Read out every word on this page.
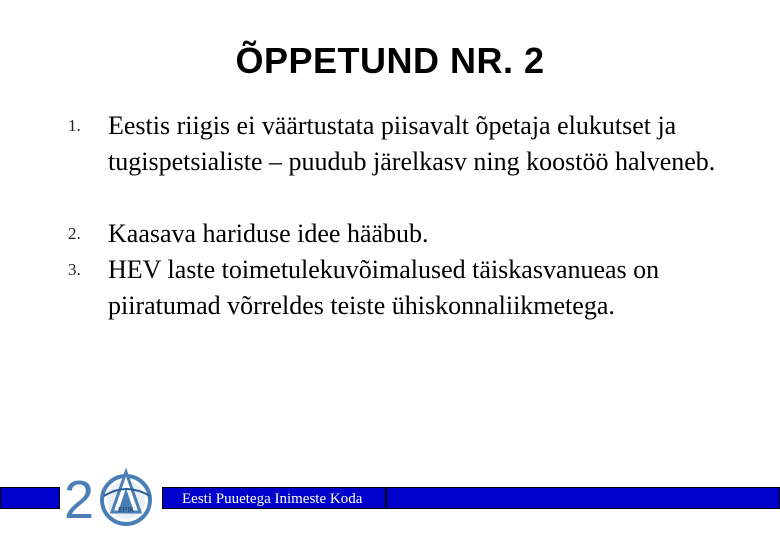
ÕPPETUND NR. 2
1. Eestis riigis ei väärtustata piisavalt õpetaja elukutset ja tugispetsialiste – puudub järelkasv ning koostöö halveneb.
2. Kaasava hariduse idee hääbub.
3. HEV laste toimetulekuvõimalused täiskasvanueas on piiratumad võrreldes teiste ühiskonnaliikmetega.
Eesti Puuetega Inimeste Koda
2	EPIK
